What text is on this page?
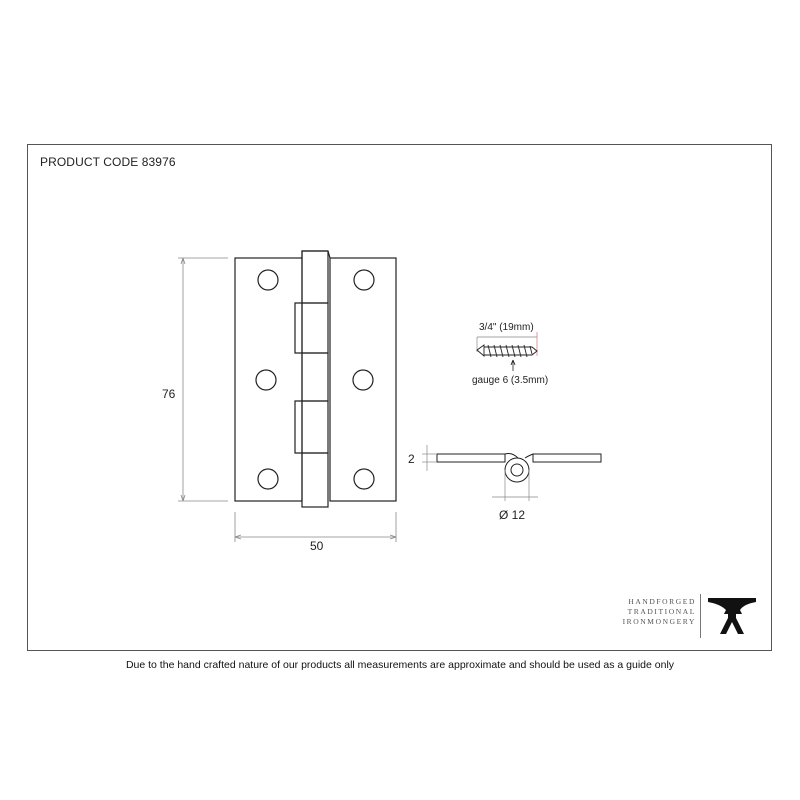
PRODUCT CODE 83976
76
50
3/4" (19mm)
gauge 6 (3.5mm)
2
Ø 12
HANDFORGED
TRADITIONAL
IRONMONGERY
Due to the hand crafted nature of our products all measurements are approximate and should be used as a guide only
